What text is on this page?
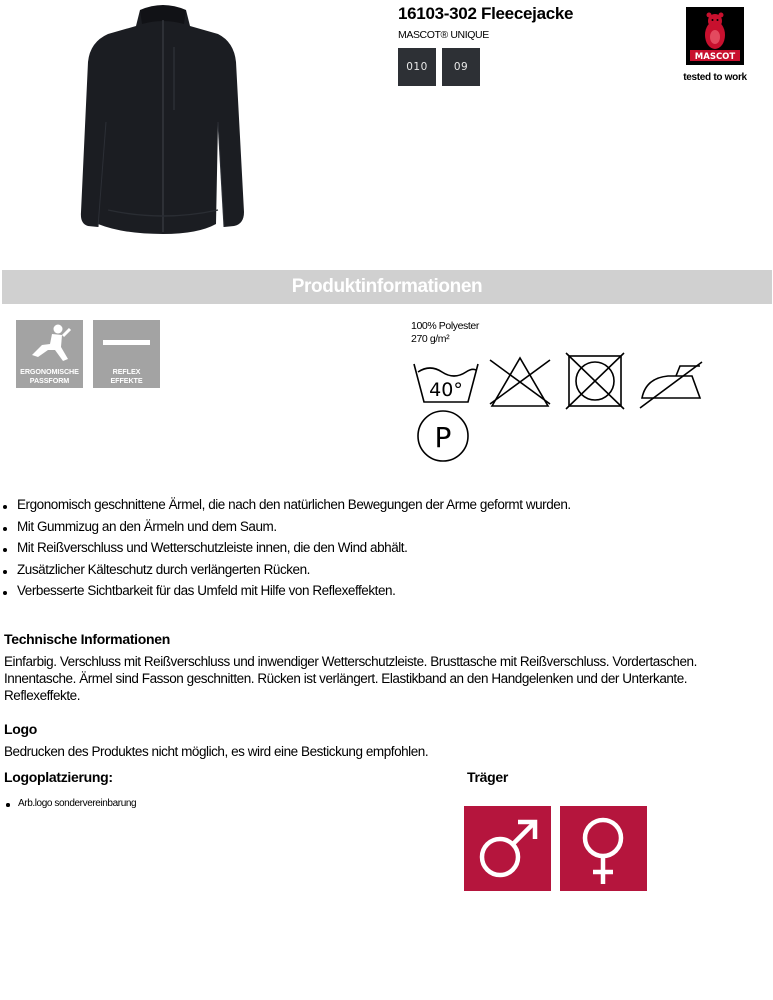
16103-302 Fleecejacke
MASCOT® UNIQUE
010	09
MASCOT
tested to work
Produktinformationen
ERGONOMISCHE
PASSFORM
REFLEX
EFFEKTE
100% Polyester
270 g/m²
40°
P
Ergonomisch geschnittene Ärmel, die nach den natürlichen Bewegungen der Arme geformt wurden.
Mit Gummizug an den Ärmeln und dem Saum.
Mit Reißverschluss und Wetterschutzleiste innen, die den Wind abhält.
Zusätzlicher Kälteschutz durch verlängerten Rücken.
Verbesserte Sichtbarkeit für das Umfeld mit Hilfe von Reflexeffekten.
Technische Informationen
Einfarbig. Verschluss mit Reißverschluss und inwendiger Wetterschutzleiste. Brusttasche mit Reißverschluss. Vordertaschen. Innentasche. Ärmel sind Fasson geschnitten. Rücken ist verlängert. Elastikband an den Handgelenken und der Unterkante. Reflexeffekte.
Logo
Bedrucken des Produktes nicht möglich, es wird eine Bestickung empfohlen.
Logoplatzierung:
Arb.logo sondervereinbarung
Träger
